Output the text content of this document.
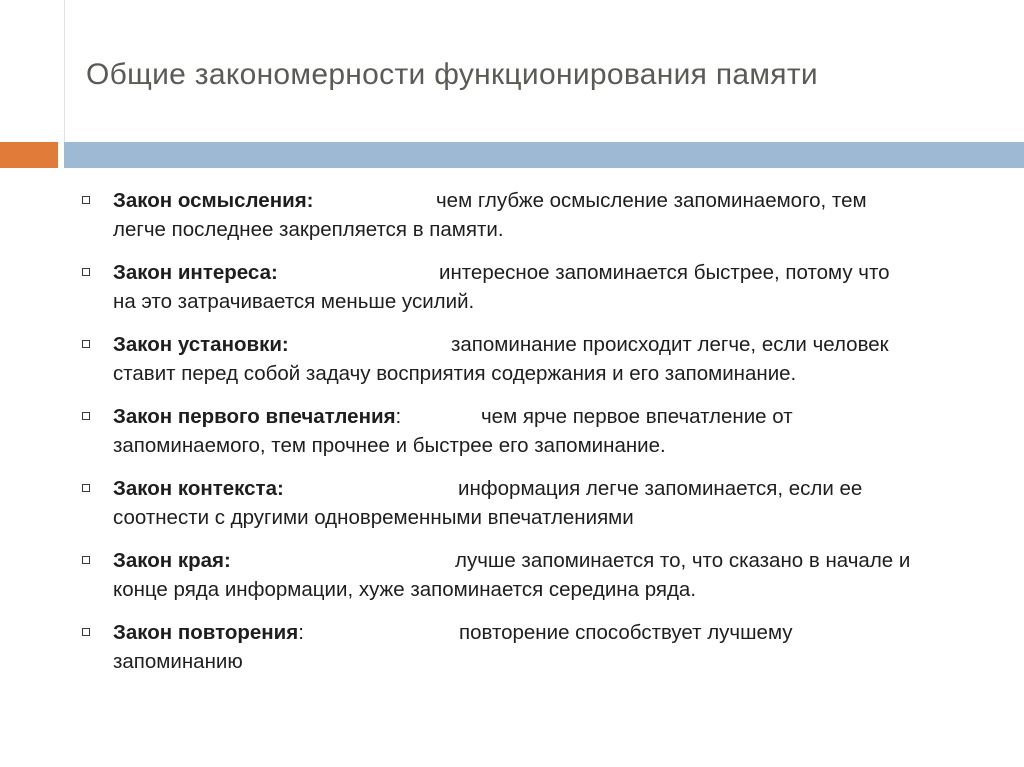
Общие закономерности функционирования памяти
Закон осмысления:	чем глубже осмысление запоминаемого, тем
легче последнее закрепляется в памяти.
Закон интереса:	интересное запоминается быстрее, потому что
на это затрачивается меньше усилий.
Закон установки:	запоминание происходит легче, если человек
ставит перед собой задачу восприятия содержания и его запоминание.
Закон первого впечатления:	чем ярче первое впечатление от
запоминаемого, тем прочнее и быстрее его запоминание.
Закон контекста:	информация легче запоминается, если ее
соотнести с другими одновременными впечатлениями
Закон края:	лучше запоминается то, что сказано в начале и
конце ряда информации, хуже запоминается середина ряда.
Закон повторения:	повторение способствует лучшему
запоминанию
